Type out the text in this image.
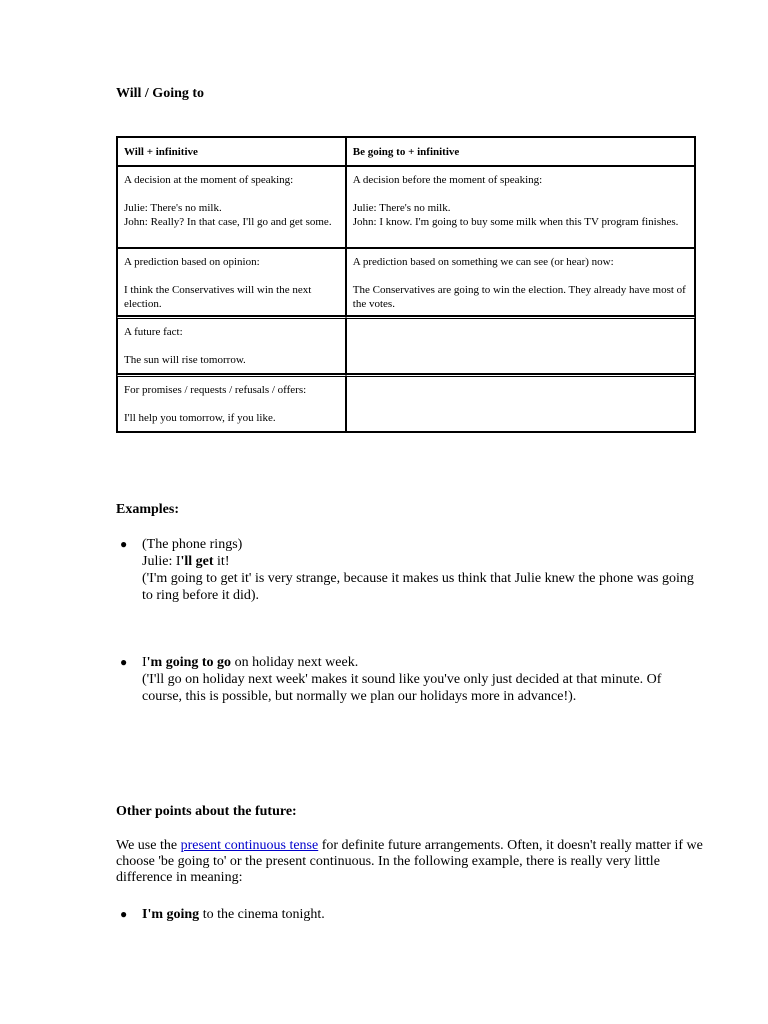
Will / Going to
Will + infinitive	Be going to + infinitive

A decision at the moment of speaking:
Julie: There's no milk.
John: Really? In that case, I'll go and get some.	A decision before the moment of speaking:
Julie: There's no milk.
John: I know. I'm going to buy some milk when this TV program finishes.

A prediction based on opinion:
I think the Conservatives will win the next election.	A prediction based on something we can see (or hear) now:
The Conservatives are going to win the election. They already have most of the votes.

A future fact:
The sun will rise tomorrow.	

For promises / requests / refusals / offers:
I'll help you tomorrow, if you like.	

Examples:
● (The phone rings)
Julie: I'll get it!
('I'm going to get it' is very strange, because it makes us think that Julie knew the phone was going to ring before it did).
● I'm going to go on holiday next week.
('I'll go on holiday next week' makes it sound like you've only just decided at that minute. Of course, this is possible, but normally we plan our holidays more in advance!).
Other points about the future:
We use the present continuous tense for definite future arrangements. Often, it doesn't really matter if we choose 'be going to' or the present continuous. In the following example, there is really very little difference in meaning:
● I'm going to the cinema tonight.
